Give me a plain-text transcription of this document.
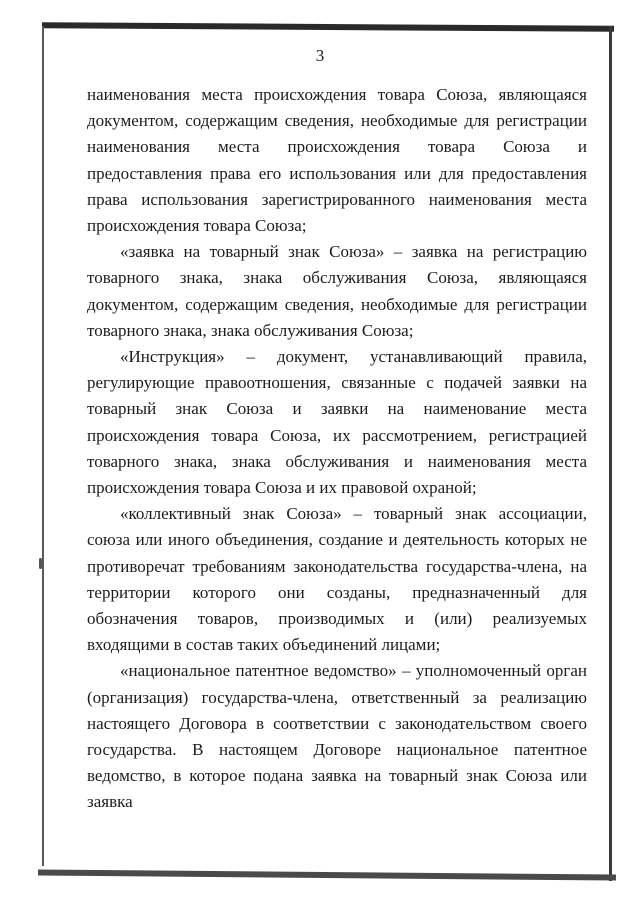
3

наименования места происхождения товара Союза, являющаяся документом, содержащим сведения, необходимые для регистрации наименования места происхождения товара Союза и предоставления права его использования или для предоставления права использования зарегистрированного наименования места происхождения товара Союза;

«заявка на товарный знак Союза» – заявка на регистрацию товарного знака, знака обслуживания Союза, являющаяся документом, содержащим сведения, необходимые для регистрации товарного знака, знака обслуживания Союза;

«Инструкция» – документ, устанавливающий правила, регулирующие правоотношения, связанные с подачей заявки на товарный знак Союза и заявки на наименование места происхождения товара Союза, их рассмотрением, регистрацией товарного знака, знака обслуживания и наименования места происхождения товара Союза и их правовой охраной;

«коллективный знак Союза» – товарный знак ассоциации, союза или иного объединения, создание и деятельность которых не противоречат требованиям законодательства государства-члена, на территории которого они созданы, предназначенный для обозначения товаров, производимых и (или) реализуемых входящими в состав таких объединений лицами;

«национальное патентное ведомство» – уполномоченный орган (организация) государства-члена, ответственный за реализацию настоящего Договора в соответствии с законодательством своего государства. В настоящем Договоре национальное патентное ведомство, в которое подана заявка на товарный знак Союза или заявка
